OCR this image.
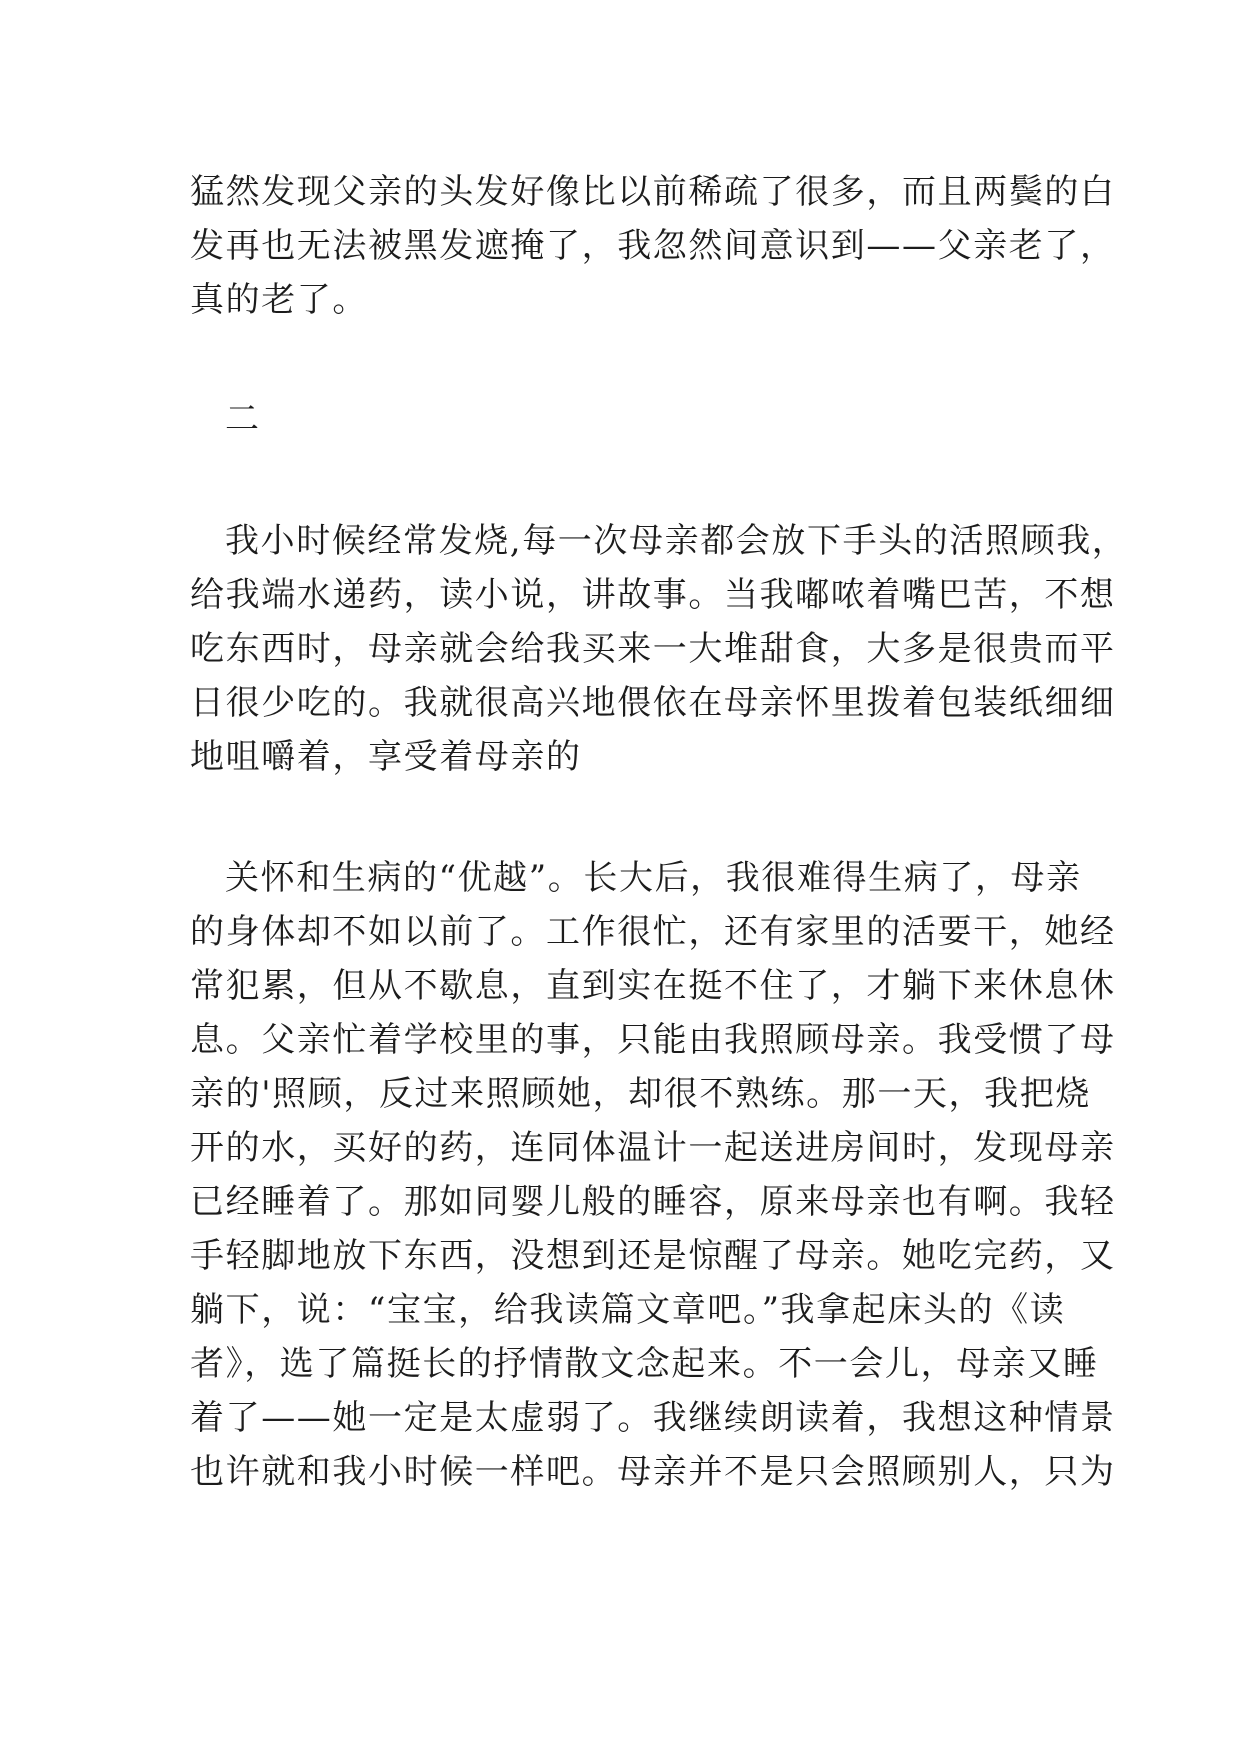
猛然发现父亲的头发好像比以前稀疏了很多，而且两鬓的白
发再也无法被黑发遮掩了，我忽然间意识到——父亲老了，
真的老了。
二
我小时候经常发烧,每一次母亲都会放下手头的活照顾我，
给我端水递药，读小说，讲故事。当我嘟哝着嘴巴苦，不想
吃东西时，母亲就会给我买来一大堆甜食，大多是很贵而平
日很少吃的。我就很高兴地偎依在母亲怀里拨着包装纸细细
地咀嚼着，享受着母亲的
关怀和生病的“优越”。长大后，我很难得生病了，母亲
的身体却不如以前了。工作很忙，还有家里的活要干，她经
常犯累，但从不歇息，直到实在挺不住了，才躺下来休息休
息。父亲忙着学校里的事，只能由我照顾母亲。我受惯了母
亲的'照顾，反过来照顾她，却很不熟练。那一天，我把烧
开的水，买好的药，连同体温计一起送进房间时，发现母亲
已经睡着了。那如同婴儿般的睡容，原来母亲也有啊。我轻
手轻脚地放下东西，没想到还是惊醒了母亲。她吃完药，又
躺下，说：“宝宝，给我读篇文章吧。”我拿起床头的《读
者》，选了篇挺长的抒情散文念起来。不一会儿，母亲又睡
着了——她一定是太虚弱了。我继续朗读着，我想这种情景
也许就和我小时候一样吧。母亲并不是只会照顾别人，只为
